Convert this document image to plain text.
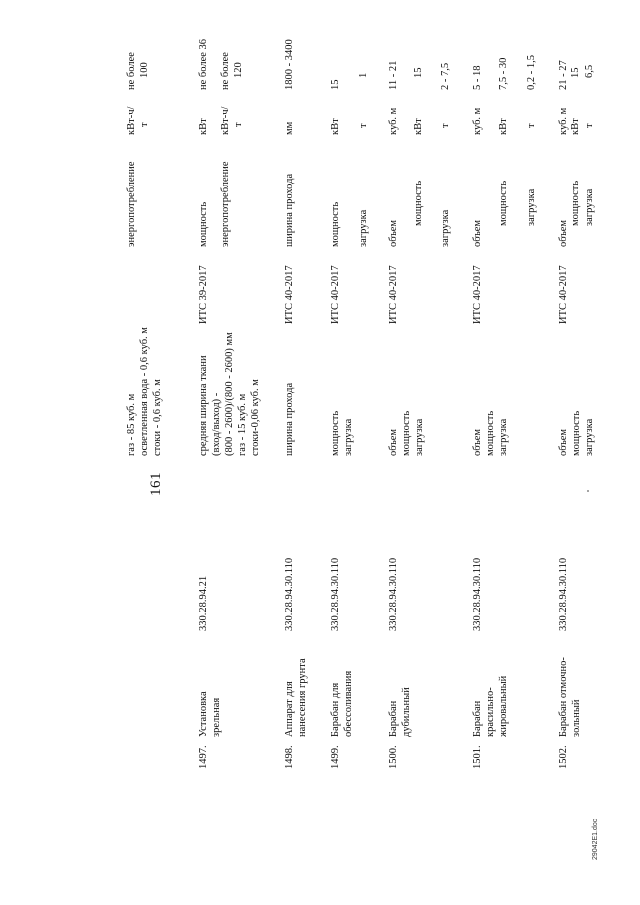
161
газ - 85 куб. м осветленная вода - 0,6 куб. м стоки - 0,6 куб. м
энергопотребление
кВт-ч/ т
не более 100
1497.
Установка зрельная
330.28.94.21
средняя ширина ткани (вход/выход) - (800 - 2600)/(800 - 2600) мм газ - 15 куб. м стоки-0,06 куб. м
ИТС 39-2017
мощность
кВт
не более 36
энергопотребление
кВт-ч/ т
не более 120
1498.
Аппарат для нанесения грунта
330.28.94.30.110
ширина прохода
ИТС 40-2017
ширина прохода
мм
1800 - 3400
1499.
Барабан для обессоливания
330.28.94.30.110
мощность загрузка
ИТС 40-2017
мощность
кВт
15
загрузка
т
1
1500.
Барабан дубильный
330.28.94.30.110
объем мощность загрузка
ИТС 40-2017
объем
куб. м
11 - 21
мощность
кВт
15
загрузка
т
2 - 7,5
1501.
Барабан красильно- жировальный
330.28.94.30.110
объем мощность загрузка
ИТС 40-2017
объем
куб. м
5 - 18
мощность
кВт
7,5 - 30
загрузка
т
0,2 - 1,5
1502.
Барабан отмочно- зольный
330.28.94.30.110
объем мощность загрузка
ИТС 40-2017
объем
куб. м
21 - 27
мощность
кВт
15
загрузка
т
6,5
29042E1.doc
